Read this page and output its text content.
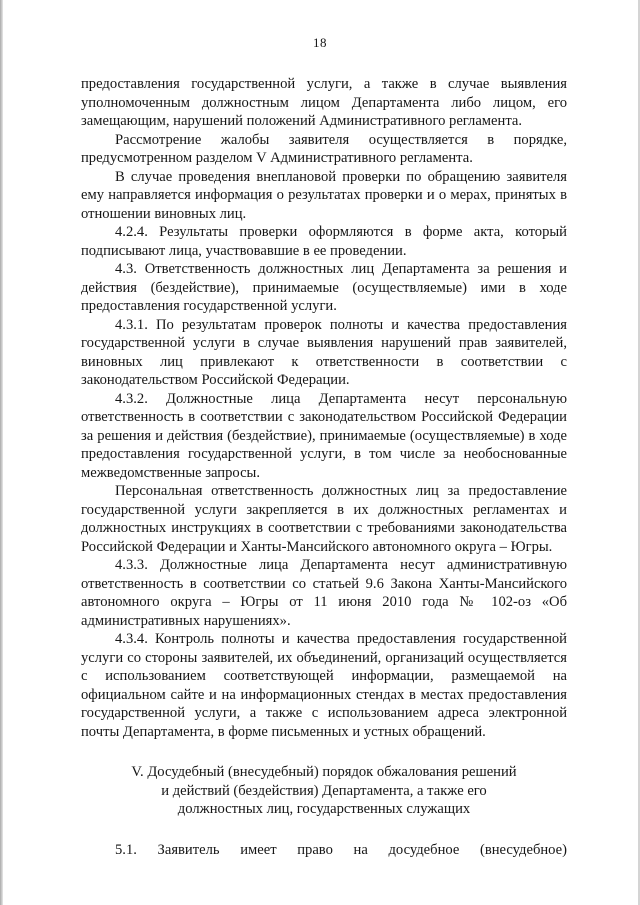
18

предоставления государственной услуги, а также в случае выявления уполномоченным должностным лицом Департамента либо лицом, его замещающим, нарушений положений Административного регламента.

Рассмотрение жалобы заявителя осуществляется в порядке, предусмотренном разделом V Административного регламента.

В случае проведения внеплановой проверки по обращению заявителя ему направляется информация о результатах проверки и о мерах, принятых в отношении виновных лиц.

4.2.4. Результаты проверки оформляются в форме акта, который подписывают лица, участвовавшие в ее проведении.

4.3. Ответственность должностных лиц Департамента за решения и действия (бездействие), принимаемые (осуществляемые) ими в ходе предоставления государственной услуги.

4.3.1. По результатам проверок полноты и качества предоставления государственной услуги в случае выявления нарушений прав заявителей, виновных лиц привлекают к ответственности в соответствии с законодательством Российской Федерации.

4.3.2. Должностные лица Департамента несут персональную ответственность в соответствии с законодательством Российской Федерации за решения и действия (бездействие), принимаемые (осуществляемые) в ходе предоставления государственной услуги, в том числе за необоснованные межведомственные запросы.

Персональная ответственность должностных лиц за предоставление государственной услуги закрепляется в их должностных регламентах и должностных инструкциях в соответствии с требованиями законодательства Российской Федерации и Ханты-Мансийского автономного округа – Югры.

4.3.3. Должностные лица Департамента несут административную ответственность в соответствии со статьей 9.6 Закона Ханты-Мансийского автономного округа – Югры от 11 июня 2010 года № 102-оз «Об административных нарушениях».

4.3.4. Контроль полноты и качества предоставления государственной услуги со стороны заявителей, их объединений, организаций осуществляется с использованием соответствующей информации, размещаемой на официальном сайте и на информационных стендах в местах предоставления государственной услуги, а также с использованием адреса электронной почты Департамента, в форме письменных и устных обращений.

V. Досудебный (внесудебный) порядок обжалования решений
и действий (бездействия) Департамента, а также его
должностных лиц, государственных служащих

5.1. Заявитель имеет право на досудебное (внесудебное)
